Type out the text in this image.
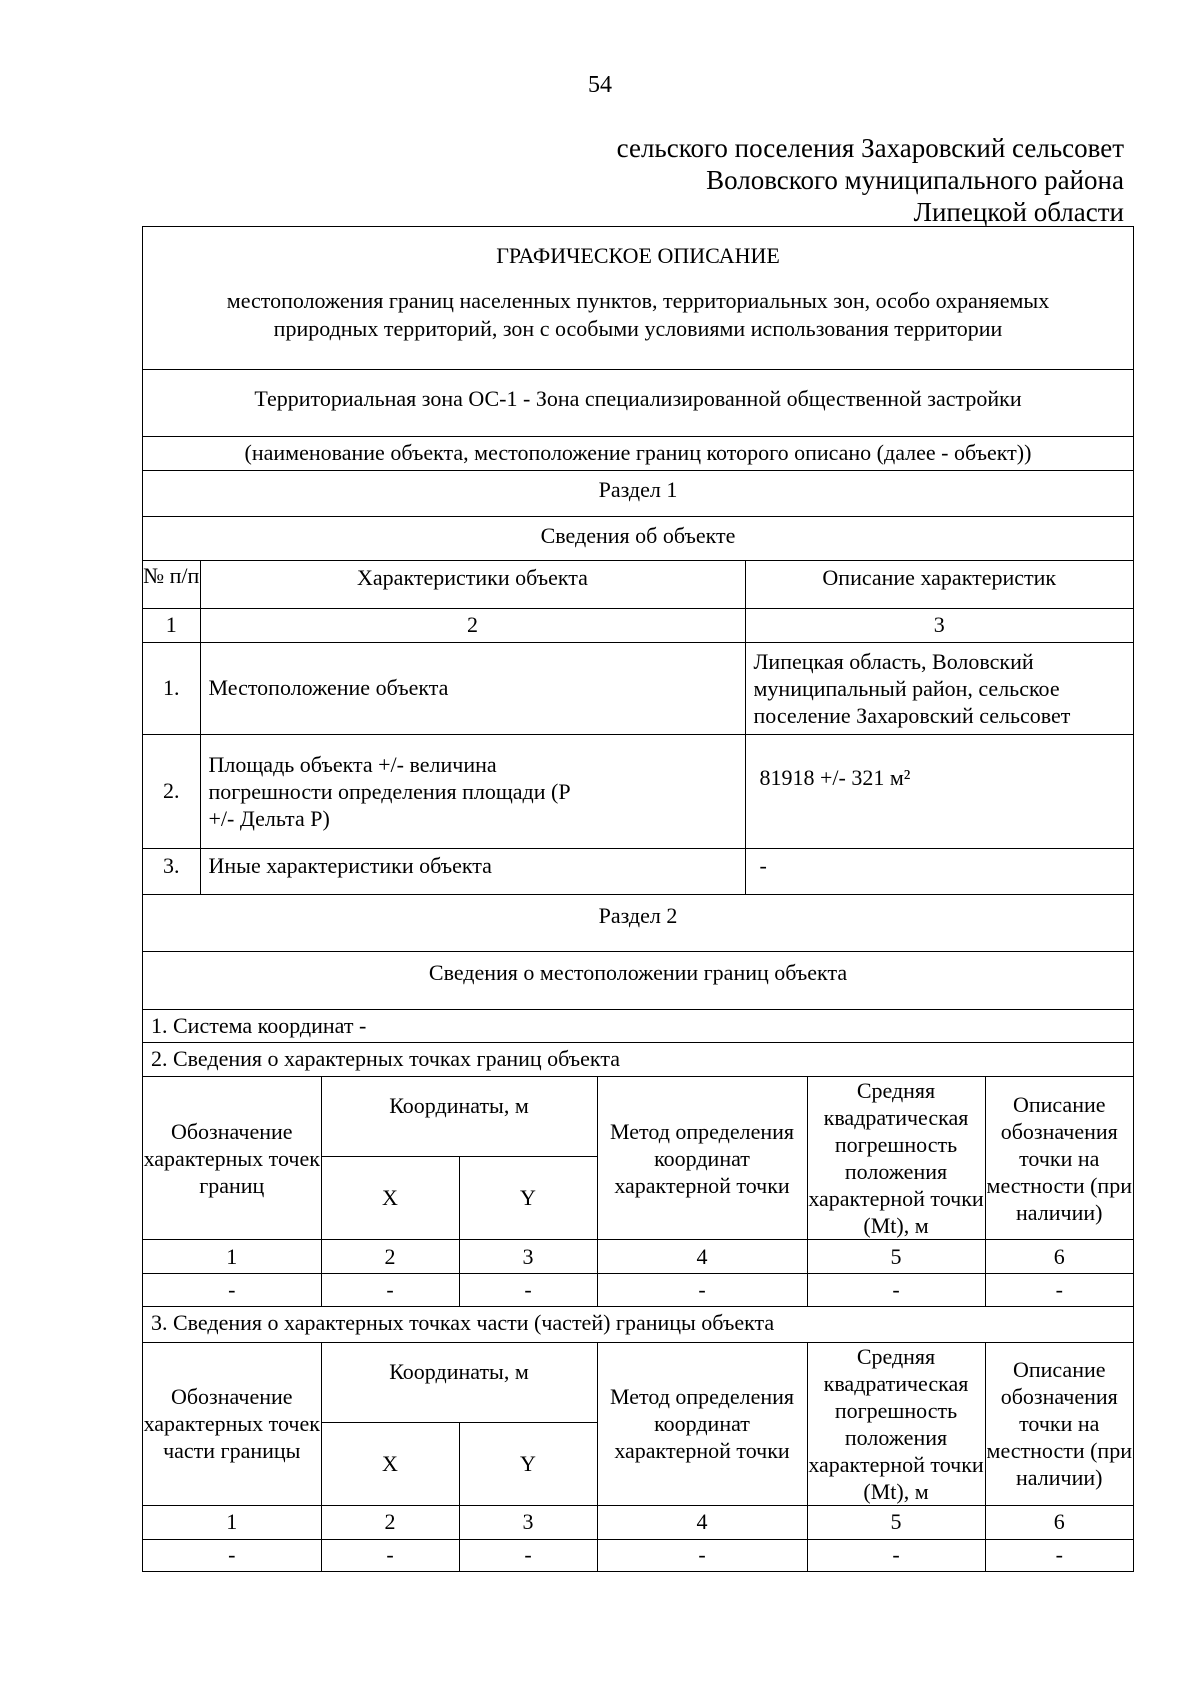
54
сельского поселения Захаровский сельсовет
Воловского муниципального района
Липецкой области
ГРАФИЧЕСКОЕ ОПИСАНИЕ
местоположения границ населенных пунктов, территориальных зон, особо охраняемых природных территорий, зон с особыми условиями использования территории
Территориальная зона ОС-1 - Зона специализированной общественной застройки
(наименование объекта, местоположение границ которого описано (далее - объект))
Раздел 1
Сведения об объекте
№ п/п	Характеристики объекта	Описание характеристик
1	2	3
1.	Местоположение объекта	Липецкая область, Воловский муниципальный район, сельское поселение Захаровский сельсовет
2.	Площадь объекта +/- величина погрешности определения площади (P +/- Дельта P)	81918 +/- 321 м²
3.	Иные характеристики объекта	-
Раздел 2
Сведения о местоположении границ объекта
1. Система координат -
2. Сведения о характерных точках границ объекта
Обозначение характерных точек границ	Координаты, м		Метод определения координат характерной точки	Средняя квадратическая погрешность положения характерной точки (Mt), м	Описание обозначения точки на местности (при наличии)
	X	Y			
1	2	3	4	5	6
-	-	-	-	-	-
3. Сведения о характерных точках части (частей) границы объекта
Обозначение характерных точек части границы	Координаты, м		Метод определения координат характерной точки	Средняя квадратическая погрешность положения характерной точки (Mt), м	Описание обозначения точки на местности (при наличии)
	X	Y			
1	2	3	4	5	6
-	-	-	-	-	-
